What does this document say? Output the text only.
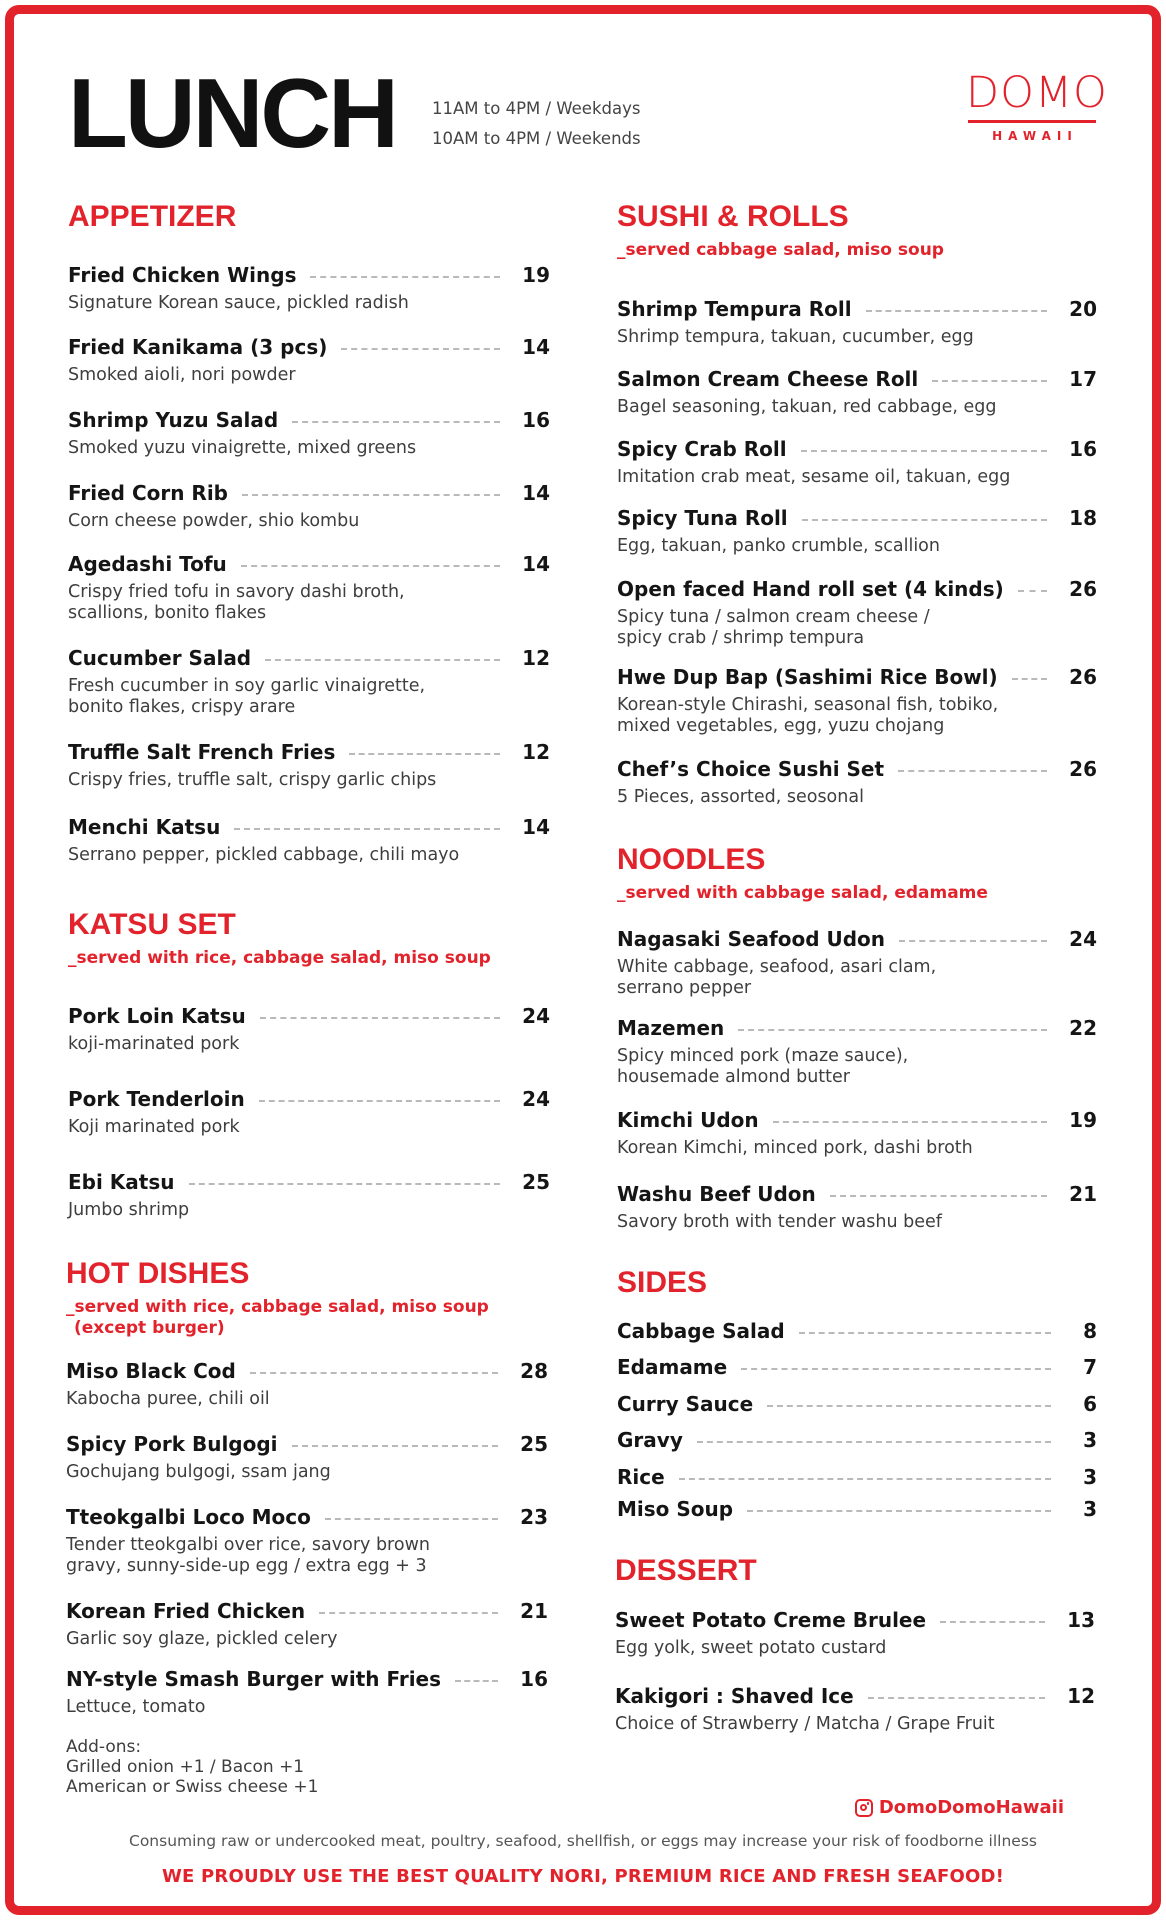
LUNCH 11AM to 4PM / Weekdays
10AM to 4PM / Weekends
DOMO
HAWAII
APPETIZER
Fried Chicken Wings	19
Signature Korean sauce, pickled radish
Fried Kanikama (3 pcs)	14
Smoked aioli, nori powder
Shrimp Yuzu Salad	16
Smoked yuzu vinaigrette, mixed greens
Fried Corn Rib	14
Corn cheese powder, shio kombu
Agedashi Tofu	14
Crispy fried tofu in savory dashi broth,
scallions, bonito flakes
Cucumber Salad	12
Fresh cucumber in soy garlic vinaigrette,
bonito flakes, crispy arare
Truffle Salt French Fries	12
Crispy fries, truffle salt, crispy garlic chips
Menchi Katsu	14
Serrano pepper, pickled cabbage, chili mayo
KATSU SET
_served with rice, cabbage salad, miso soup
Pork Loin Katsu	24
koji-marinated pork
Pork Tenderloin	24
Koji marinated pork
Ebi Katsu	25
Jumbo shrimp
HOT DISHES
_served with rice, cabbage salad, miso soup
(except burger)
Miso Black Cod	28
Kabocha puree, chili oil
Spicy Pork Bulgogi	25
Gochujang bulgogi, ssam jang
Tteokgalbi Loco Moco	23
Tender tteokgalbi over rice, savory brown
gravy, sunny-side-up egg / extra egg + 3
Korean Fried Chicken	21
Garlic soy glaze, pickled celery
NY-style Smash Burger with Fries	16
Lettuce, tomato
Add-ons:
Grilled onion +1 / Bacon +1
American or Swiss cheese +1
SUSHI & ROLLS
_served cabbage salad, miso soup
Shrimp Tempura Roll	20
Shrimp tempura, takuan, cucumber, egg
Salmon Cream Cheese Roll	17
Bagel seasoning, takuan, red cabbage, egg
Spicy Crab Roll	16
Imitation crab meat, sesame oil, takuan, egg
Spicy Tuna Roll	18
Egg, takuan, panko crumble, scallion
Open faced Hand roll set (4 kinds)	26
Spicy tuna / salmon cream cheese /
spicy crab / shrimp tempura
Hwe Dup Bap (Sashimi Rice Bowl)	26
Korean-style Chirashi, seasonal fish, tobiko,
mixed vegetables, egg, yuzu chojang
Chef’s Choice Sushi Set	26
5 Pieces, assorted, seosonal
NOODLES
_served with cabbage salad, edamame
Nagasaki Seafood Udon	24
White cabbage, seafood, asari clam,
serrano pepper
Mazemen	22
Spicy minced pork (maze sauce),
housemade almond butter
Kimchi Udon	19
Korean Kimchi, minced pork, dashi broth
Washu Beef Udon	21
Savory broth with tender washu beef
SIDES
Cabbage Salad	8
Edamame	7
Curry Sauce	6
Gravy	3
Rice	3
Miso Soup	3
DESSERT
Sweet Potato Creme Brulee	13
Egg yolk, sweet potato custard
Kakigori : Shaved Ice	12
Choice of Strawberry / Matcha / Grape Fruit
DomoDomoHawaii
Consuming raw or undercooked meat, poultry, seafood, shellfish, or eggs may increase your risk of foodborne illness
WE PROUDLY USE THE BEST QUALITY NORI, PREMIUM RICE AND FRESH SEAFOOD!
